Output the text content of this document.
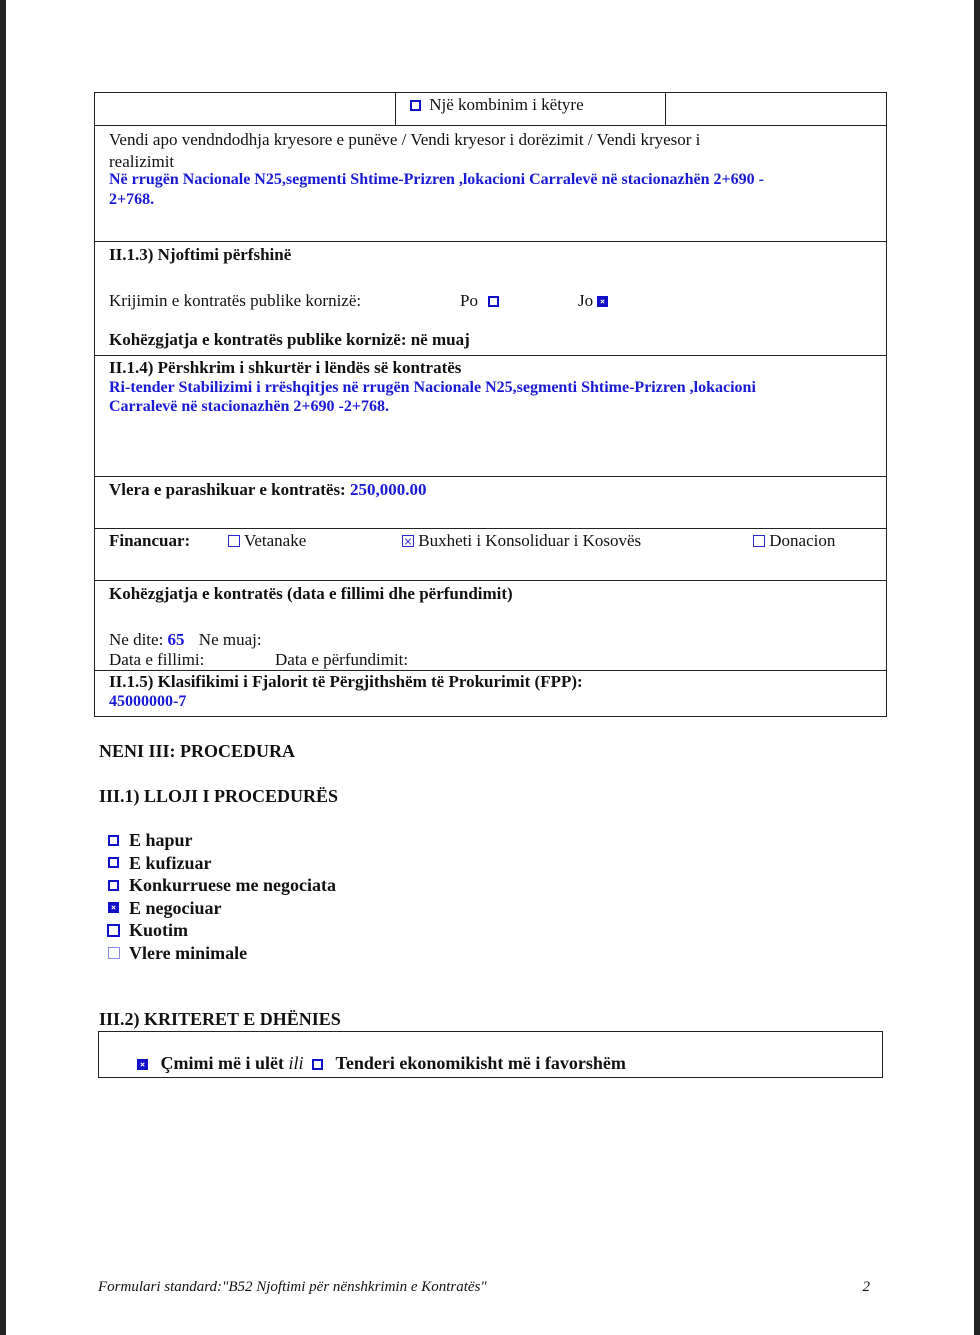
Një kombinim i këtyre
Vendi apo vendndodhja kryesore e punëve / Vendi kryesor i dorëzimit / Vendi kryesor i
realizimit
Në rrugën Nacionale N25,segmenti Shtime-Prizren ,lokacioni Carralevë në stacionazhën 2+690 -
2+768.
II.1.3) Njoftimi përfshinë
Krijimin e kontratës publike kornizë:	Po	Jo
Kohëzgjatja e kontratës publike kornizë: në muaj
II.1.4) Përshkrim i shkurtër i lëndës së kontratës
Ri-tender Stabilizimi i rrëshqitjes në rrugën Nacionale N25,segmenti Shtime-Prizren ,lokacioni
Carralevë në stacionazhën 2+690 -2+768.
Vlera e parashikuar e kontratës: 250,000.00
Financuar:	Vetanake	Buxheti i Konsoliduar i Kosovës	Donacion
Kohëzgjatja e kontratës (data e fillimi dhe përfundimit)
Ne dite: 65 Ne muaj:
Data e fillimi:	Data e përfundimit:
II.1.5) Klasifikimi i Fjalorit të Përgjithshëm të Prokurimit (FPP):
45000000-7
NENI III: PROCEDURA
III.1) LLOJI I PROCEDURËS
E hapur
E kufizuar
Konkurruese me negociata
E negociuar
Kuotim
Vlere minimale
III.2) KRITERET E DHËNIES
Çmimi më i ulët ili Tenderi ekonomikisht më i favorshëm
Formulari standard:"B52 Njoftimi për nënshkrimin e Kontratës"	2
